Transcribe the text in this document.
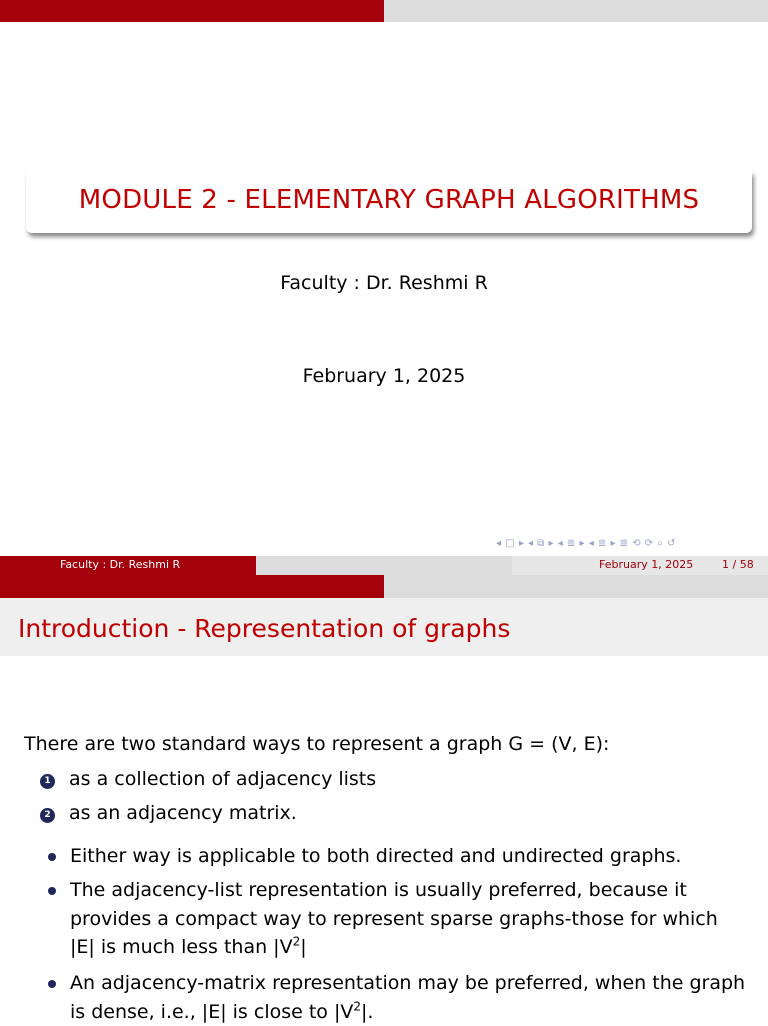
MODULE 2 - ELEMENTARY GRAPH ALGORITHMS
Faculty : Dr. Reshmi R
February 1, 2025
◂ □ ▸ ◂ ⧉ ▸ ◂ ≣ ▸ ◂ ≣ ▸ ≣ ⟲ ⟳ ⌕ ↺
Faculty : Dr. Reshmi R	February 1, 2025	1 / 58
Introduction - Representation of graphs
There are two standard ways to represent a graph G = (V, E):
1 as a collection of adjacency lists
2 as an adjacency matrix.
Either way is applicable to both directed and undirected graphs.
The adjacency-list representation is usually preferred, because it
provides a compact way to represent sparse graphs-those for which
|E| is much less than $|V^2|$
An adjacency-matrix representation may be preferred, when the graph
is dense, i.e., |E| is close to $|V^2|$.
